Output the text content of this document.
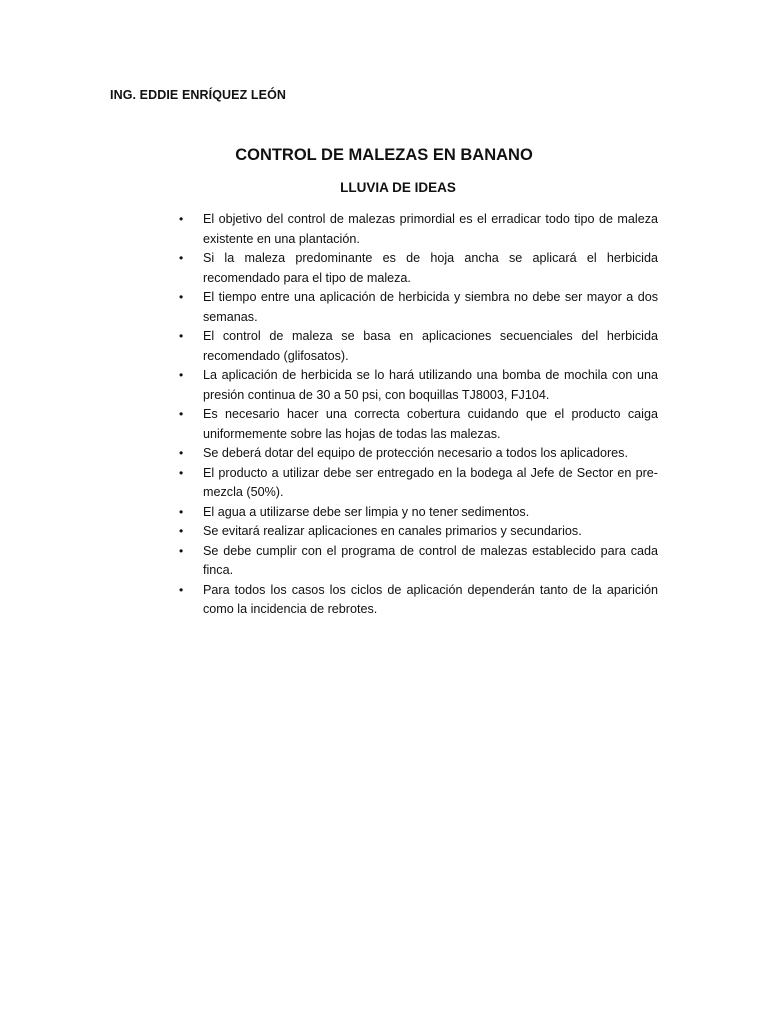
ING. EDDIE ENRÍQUEZ LEÓN
CONTROL DE MALEZAS EN BANANO
LLUVIA DE IDEAS
•	El objetivo del control de malezas primordial es el erradicar todo tipo de maleza existente en una plantación.
•	Si la maleza predominante es de hoja ancha se aplicará el herbicida recomendado para el tipo de maleza.
•	El tiempo entre una aplicación de herbicida y siembra no debe ser mayor a dos semanas.
•	El control de maleza se basa en aplicaciones secuenciales del herbicida recomendado (glifosatos).
•	La aplicación de herbicida se lo hará utilizando una bomba de mochila con una presión continua de 30 a 50 psi, con boquillas TJ8003, FJ104.
•	Es necesario hacer una correcta cobertura cuidando que el producto caiga uniformemente sobre las hojas de todas las malezas.
•	Se deberá dotar del equipo de protección necesario a todos los aplicadores.
•	El producto a utilizar debe ser entregado en la bodega al Jefe de Sector en pre-mezcla (50%).
•	El agua a utilizarse debe ser limpia y no tener sedimentos.
•	Se evitará realizar aplicaciones en canales primarios y secundarios.
•	Se debe cumplir con el programa de control de malezas establecido para cada finca.
•	Para todos los casos los ciclos de aplicación dependerán tanto de la aparición como la incidencia de rebrotes.
